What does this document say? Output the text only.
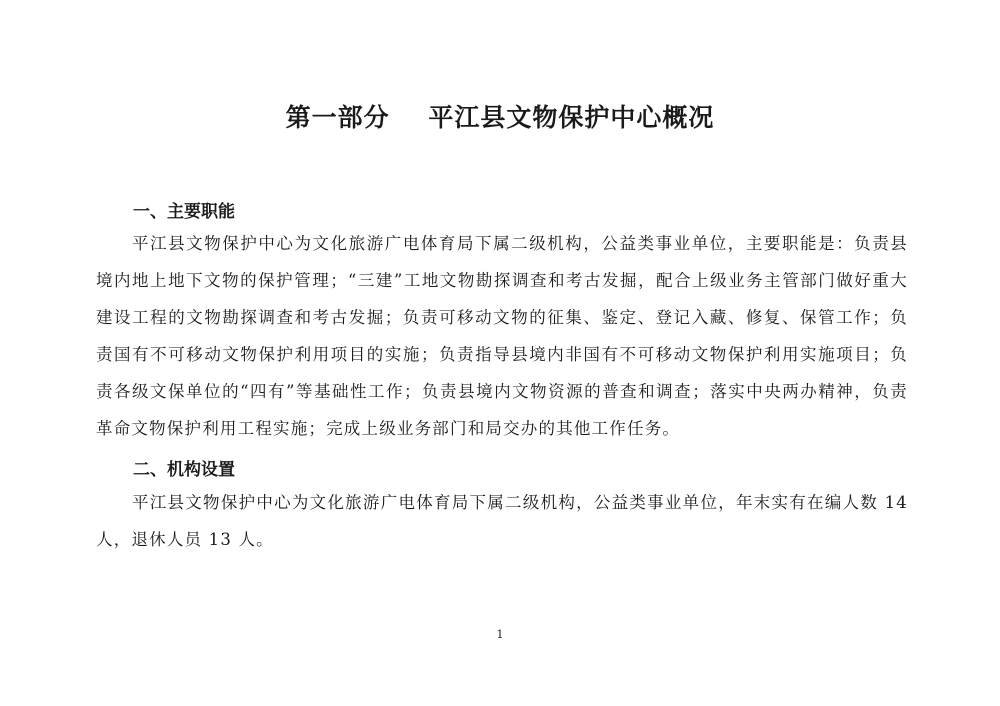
第一部分    平江县文物保护中心概况
一、主要职能

平江县文物保护中心为文化旅游广电体育局下属二级机构，公益类事业单位，主要职能是：负责县境内地上地下文物的保护管理；“三建”工地文物勘探调查和考古发掘，配合上级业务主管部门做好重大建设工程的文物勘探调查和考古发掘；负责可移动文物的征集、鉴定、登记入藏、修复、保管工作；负责国有不可移动文物保护利用项目的实施；负责指导县境内非国有不可移动文物保护利用实施项目；负责各级文保单位的“四有”等基础性工作；负责县境内文物资源的普查和调查；落实中央两办精神，负责革命文物保护利用工程实施；完成上级业务部门和局交办的其他工作任务。

二、机构设置

平江县文物保护中心为文化旅游广电体育局下属二级机构，公益类事业单位，年末实有在编人数 14 人，退休人员 13 人。

1
